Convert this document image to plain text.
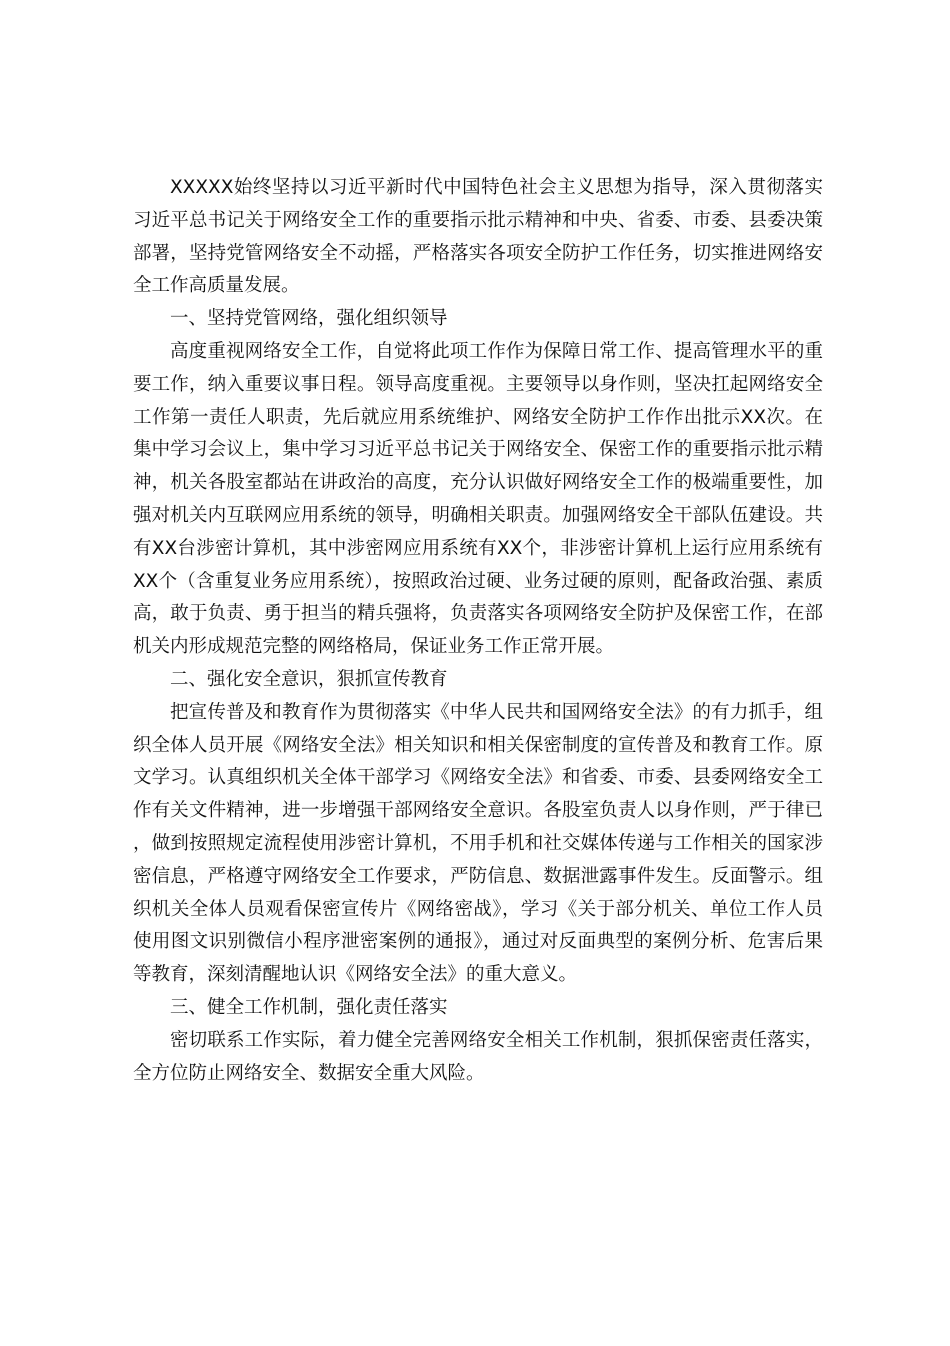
XXXXX始终坚持以习近平新时代中国特色社会主义思想为指导，深入贯彻落实习近平总书记关于网络安全工作的重要指示批示精神和中央、省委、市委、县委决策部署，坚持党管网络安全不动摇，严格落实各项安全防护工作任务，切实推进网络安全工作高质量发展。

一、坚持党管网络，强化组织领导

高度重视网络安全工作，自觉将此项工作作为保障日常工作、提高管理水平的重要工作，纳入重要议事日程。领导高度重视。主要领导以身作则，坚决扛起网络安全工作第一责任人职责，先后就应用系统维护、网络安全防护工作作出批示XX次。在集中学习会议上，集中学习习近平总书记关于网络安全、保密工作的重要指示批示精神，机关各股室都站在讲政治的高度，充分认识做好网络安全工作的极端重要性，加强对机关内互联网应用系统的领导，明确相关职责。加强网络安全干部队伍建设。共有XX台涉密计算机，其中涉密网应用系统有XX个，非涉密计算机上运行应用系统有XX个（含重复业务应用系统），按照政治过硬、业务过硬的原则，配备政治强、素质高，敢于负责、勇于担当的精兵强将，负责落实各项网络安全防护及保密工作，在部机关内形成规范完整的网络格局，保证业务工作正常开展。

二、强化安全意识，狠抓宣传教育

把宣传普及和教育作为贯彻落实《中华人民共和国网络安全法》的有力抓手，组织全体人员开展《网络安全法》相关知识和相关保密制度的宣传普及和教育工作。原文学习。认真组织机关全体干部学习《网络安全法》和省委、市委、县委网络安全工作有关文件精神，进一步增强干部网络安全意识。各股室负责人以身作则，严于律已，做到按照规定流程使用涉密计算机，不用手机和社交媒体传递与工作相关的国家涉密信息，严格遵守网络安全工作要求，严防信息、数据泄露事件发生。反面警示。组织机关全体人员观看保密宣传片《网络密战》，学习《关于部分机关、单位工作人员使用图文识别微信小程序泄密案例的通报》，通过对反面典型的案例分析、危害后果等教育，深刻清醒地认识《网络安全法》的重大意义。

三、健全工作机制，强化责任落实

密切联系工作实际，着力健全完善网络安全相关工作机制，狠抓保密责任落实，全方位防止网络安全、数据安全重大风险。
